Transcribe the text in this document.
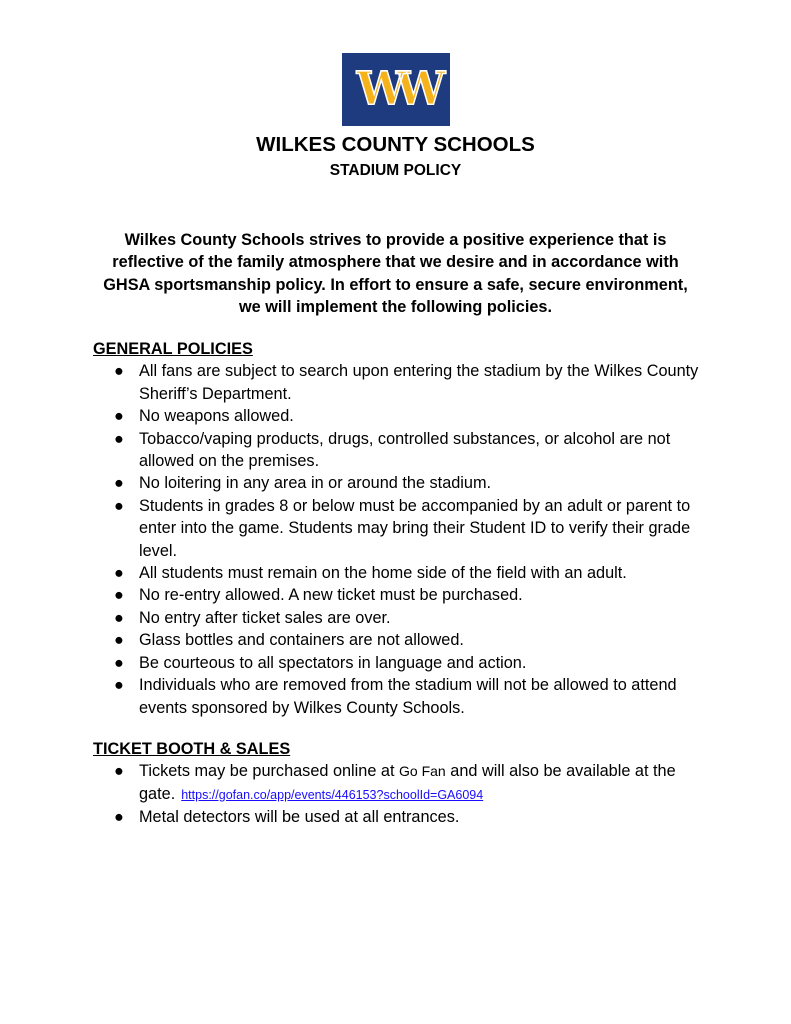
WW
WILKES COUNTY SCHOOLS
STADIUM POLICY
Wilkes County Schools strives to provide a positive experience that is reflective of the family atmosphere that we desire and in accordance with GHSA sportsmanship policy. In effort to ensure a safe, secure environment, we will implement the following policies.
GENERAL POLICIES
● All fans are subject to search upon entering the stadium by the Wilkes County Sheriff’s Department.
● No weapons allowed.
● Tobacco/vaping products, drugs, controlled substances, or alcohol are not allowed on the premises.
● No loitering in any area in or around the stadium.
● Students in grades 8 or below must be accompanied by an adult or parent to enter into the game. Students may bring their Student ID to verify their grade level.
● All students must remain on the home side of the field with an adult.
● No re-entry allowed. A new ticket must be purchased.
● No entry after ticket sales are over.
● Glass bottles and containers are not allowed.
● Be courteous to all spectators in language and action.
● Individuals who are removed from the stadium will not be allowed to attend events sponsored by Wilkes County Schools.
TICKET BOOTH & SALES
● Tickets may be purchased online at Go Fan and will also be available at the gate. https://gofan.co/app/events/446153?schoolId=GA6094
● Metal detectors will be used at all entrances.
